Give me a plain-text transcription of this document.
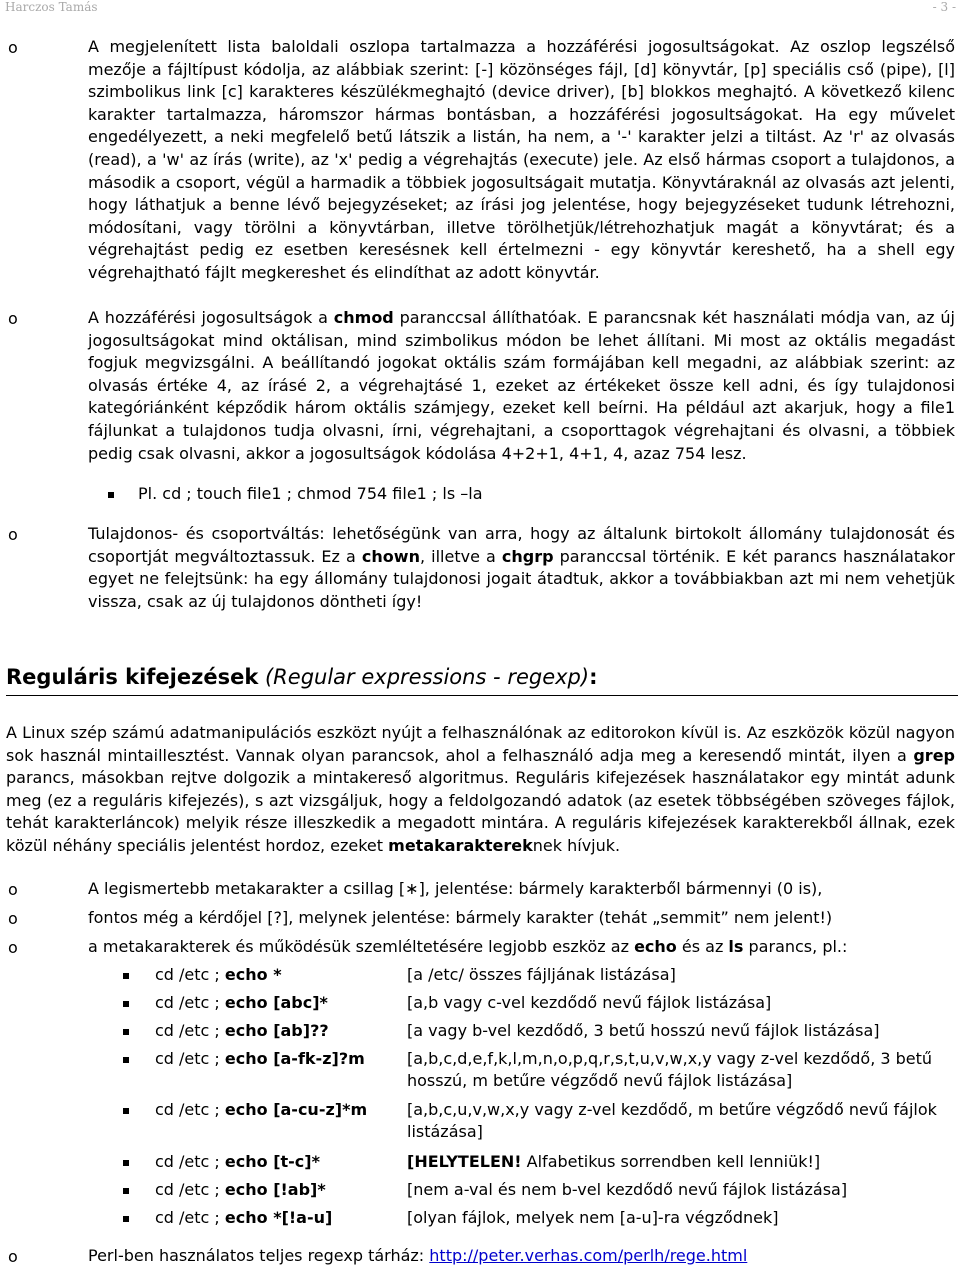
Harczos Tamás	- 3 -
o	A megjelenített lista baloldali oszlopa tartalmazza a hozzáférési jogosultságokat. Az oszlop legszélső mezője a fájltípust kódolja, az alábbiak szerint: [-] közönséges fájl, [d] könyvtár, [p] speciális cső (pipe), [l] szimbolikus link [c] karakteres készülékmeghajtó (device driver), [b] blokkos meghajtó. A következő kilenc karakter tartalmazza, háromszor hármas bontásban, a hozzáférési jogosultságokat. Ha egy művelet engedélyezett, a neki megfelelő betű látszik a listán, ha nem, a '-' karakter jelzi a tiltást. Az 'r' az olvasás (read), a 'w' az írás (write), az 'x' pedig a végrehajtás (execute) jele. Az első hármas csoport a tulajdonos, a második a csoport, végül a harmadik a többiek jogosultságait mutatja. Könyvtáraknál az olvasás azt jelenti, hogy láthatjuk a benne lévő bejegyzéseket; az írási jog jelentése, hogy bejegyzéseket tudunk létrehozni, módosítani, vagy törölni a könyvtárban, illetve törölhetjük/létrehozhatjuk magát a könyvtárat; és a végrehajtást pedig ez esetben keresésnek kell értelmezni - egy könyvtár kereshető, ha a shell egy végrehajtható fájlt megkereshet és elindíthat az adott könyvtár.

o	A hozzáférési jogosultságok a chmod paranccsal állíthatóak. E parancsnak két használati módja van, az új jogosultságokat mind oktálisan, mind szimbolikus módon be lehet állítani. Mi most az oktális megadást fogjuk megvizsgálni. A beállítandó jogokat oktális szám formájában kell megadni, az alábbiak szerint: az olvasás értéke 4, az írásé 2, a végrehajtásé 1, ezeket az értékeket össze kell adni, és így tulajdonosi kategóriánként képződik három oktális számjegy, ezeket kell beírni. Ha például azt akarjuk, hogy a file1 fájlunkat a tulajdonos tudja olvasni, írni, végrehajtani, a csoporttagok végrehajtani és olvasni, a többiek pedig csak olvasni, akkor a jogosultságok kódolása 4+2+1, 4+1, 4, azaz 754 lesz.

Pl. cd ; touch file1 ; chmod 754 file1 ; ls –la
o	Tulajdonos- és csoportváltás: lehetőségünk van arra, hogy az általunk birtokolt állomány tulajdonosát és csoportját megváltoztassuk. Ez a chown, illetve a chgrp paranccsal történik. E két parancs használatakor egyet ne felejtsünk: ha egy állomány tulajdonosi jogait átadtuk, akkor a továbbiakban azt mi nem vehetjük vissza, csak az új tulajdonos döntheti így!

Reguláris kifejezések (Regular expressions - regexp):

A Linux szép számú adatmanipulációs eszközt nyújt a felhasználónak az editorokon kívül is. Az eszközök közül nagyon sok használ mintaillesztést. Vannak olyan parancsok, ahol a felhasználó adja meg a keresendő mintát, ilyen a grep parancs, másokban rejtve dolgozik a mintakereső algoritmus. Reguláris kifejezések használatakor egy mintát adunk meg (ez a reguláris kifejezés), s azt vizsgáljuk, hogy a feldolgozandó adatok (az esetek többségében szöveges fájlok, tehát karakterláncok) melyik része illeszkedik a megadott mintára. A reguláris kifejezések karakterekből állnak, ezek közül néhány speciális jelentést hordoz, ezeket metakaraktereknek hívjuk.

o	A legismertebb metakarakter a csillag [∗], jelentése: bármely karakterből bármennyi (0 is),
o	fontos még a kérdőjel [?], melynek jelentése: bármely karakter (tehát „semmit” nem jelent!)
o	a metakarakterek és működésük szemléltetésére legjobb eszköz az echo és az ls parancs, pl.:
cd /etc ; echo *	[a /etc/ összes fájljának listázása]

cd /etc ; echo [abc]*	[a,b vagy c-vel kezdődő nevű fájlok listázása]

cd /etc ; echo [ab]??	[a vagy b-vel kezdődő, 3 betű hosszú nevű fájlok listázása]

cd /etc ; echo [a-fk-z]?m	[a,b,c,d,e,f,k,l,m,n,o,p,q,r,s,t,u,v,w,x,y vagy z-vel kezdődő, 3 betű hosszú, m betűre végződő nevű fájlok listázása]

cd /etc ; echo [a-cu-z]*m [a,b,c,u,v,w,x,y vagy z-vel kezdődő, m betűre végződő nevű fájlok listázása]

cd /etc ; echo [t-c]*	[HELYTELEN! Alfabetikus sorrendben kell lenniük!]

cd /etc ; echo [!ab]*	[nem a-val és nem b-vel kezdődő nevű fájlok listázása]

cd /etc ; echo *[!a-u]	[olyan fájlok, melyek nem [a-u]-ra végződnek]

o	Perl-ben használatos teljes regexp tárház: http://peter.verhas.com/perlh/rege.html
